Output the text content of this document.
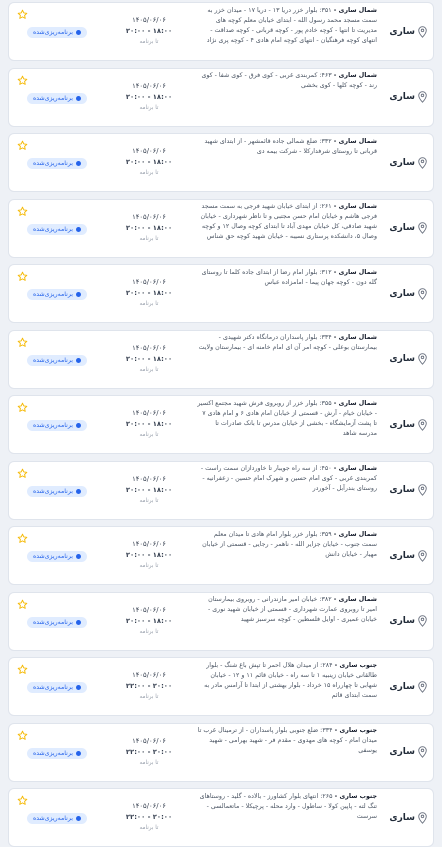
ساری
شمال ساری - ۳۵۱: بلوار خزر دریا ۱۳ - دریا ۱۷ - میدان خزر به سمت مسجد محمد رسول الله - ابتدای خیابان معلم کوچه های مدیریت تا انتها - کوچه خادم پور - کوچه قربانی - کوچه صداقت - انتهای کوچه فرهنگیان - انتهای کوچه امام هادی ۴ - کوچه پری نژاد
۱۴۰۵/۰۶/۰۶
۱۸:۰۰ - ۲۰:۰۰
تا برنامه
برنامه‌ریزی‌شده
ساری
شمال ساری - ۴۶۳: کمربندی غربی - کوی فرق - کوی شفا - کوی رند - کوچه کلها - کوی بخشی
۱۴۰۵/۰۶/۰۶
۱۸:۰۰ - ۲۰:۰۰
تا برنامه
برنامه‌ریزی‌شده
ساری
شمال ساری - ۳۳۲: ضلع شمالی جاده قائمشهر - از ابتدای شهید قربانی تا روستای شرفدارکلا - شرکت بیمه دی
۱۴۰۵/۰۶/۰۶
۱۸:۰۰ - ۲۰:۰۰
تا برنامه
برنامه‌ریزی‌شده
ساری
شمال ساری - ۲۶۱: از ابتدای خیابان شهید فرجی به سمت مسجد فرجی هاشم و خیابان امام حسن مجتبی و تا ناظر شهرداری - خیابان شهید صادقی، کل خیابان مهدی آباد تا ابتدای کوچه وصال ۱۲ و کوچه وصال ۵، دانشکده پرستاری نسیبه - خیابان شهید کوچه حق شناس
۱۴۰۵/۰۶/۰۶
۱۸:۰۰ - ۲۰:۰۰
تا برنامه
برنامه‌ریزی‌شده
ساری
شمال ساری - ۳۱۲: بلوار امام رضا از ابتدای جاده کلما تا روستای گله دون - کوچه جهان پیما - امامزاده عباس
۱۴۰۵/۰۶/۰۶
۱۸:۰۰ - ۲۰:۰۰
تا برنامه
برنامه‌ریزی‌شده
ساری
شمال ساری - ۳۳۴: بلوار پاسداران درمانگاه دکتر شهیدی - بیمارستان بوعلی - کوچه امر آن ای امام خامنه ای - بیمارستان ولایت
۱۴۰۵/۰۶/۰۶
۱۸:۰۰ - ۲۰:۰۰
تا برنامه
برنامه‌ریزی‌شده
ساری
شمال ساری - ۳۵۵: بلوار خزر از روبروی فرش شهید مجتمع اکسیر - خیابان خیام - آرش - قسمتی از خیابان امام هادی ۶ و امام هادی ۷ تا پشت آزمایشگاه - بخشی از خیابان مدرس تا بانک صادرات تا مدرسه شاهد
۱۴۰۵/۰۶/۰۶
۱۸:۰۰ - ۲۰:۰۰
تا برنامه
برنامه‌ریزی‌شده
ساری
شمال ساری - ۴۵۰: از سه راه جویبار تا خاوردازان سمت راست - کمربندی غربی - کوی امام حسین و شهرک امام حسین - زعفرانیه - روستای بندرآبل - آخوردر
۱۴۰۵/۰۶/۰۶
۱۸:۰۰ - ۲۰:۰۰
تا برنامه
برنامه‌ریزی‌شده
ساری
شمال ساری - ۳۵۹: بلوار خزر بلوار امام هادی تا میدان معلم سمت جنوب - خیابان جزایر الله - ناهمر - رجایی - قسمتی از خیابان مهیار - خیابان دانش
۱۴۰۵/۰۶/۰۶
۱۸:۰۰ - ۲۰:۰۰
تا برنامه
برنامه‌ریزی‌شده
ساری
شمال ساری - ۳۸۲: خیابان امیر مازندرانی - روبروی بیمارستان امیر تا روبروی عمارت شهرداری - قسمتی از خیابان شهید نوری - خیابان عمیری - اوایل فلسطین - کوچه سرسبز شهید
۱۴۰۵/۰۶/۰۶
۱۸:۰۰ - ۲۰:۰۰
تا برنامه
برنامه‌ریزی‌شده
ساری
جنوب ساری - ۲۸۴: از میدان هلال احمر تا تپش باغ شنگ - بلوار طالقانی خیابان زینبیه ۱ تا سه راه - خیابان قائم ۱۱ و ۱۲ - خیابان شهابی تا چهارراه ۱۵ خرداد - بلوار بهشتی از ابتدا تا آرامس مادر به سمت ابتدای قائم
۱۴۰۵/۰۶/۰۶
۲۰:۰۰ - ۲۲:۰۰
تا برنامه
برنامه‌ریزی‌شده
ساری
جنوب ساری - ۳۳۴: ضلع جنوبی بلوار پاسداران - از ترمینال غرب تا میدان امام - کوچه های مهدوی - مقدم فر - شهید بهرامی - شهید یوسفی
۱۴۰۵/۰۶/۰۶
۲۰:۰۰ - ۲۲:۰۰
تا برنامه
برنامه‌ریزی‌شده
ساری
جنوب ساری - ۲۶۵: انتهای بلوار کشاورز - بالاده - گلید - روستاهای تنگ لته - پاپین کولا - ساطول - وارد محله - پرچیکلا - ماتعمالسی - سرست
۱۴۰۵/۰۶/۰۶
۲۰:۰۰ - ۲۲:۰۰
تا برنامه
برنامه‌ریزی‌شده
